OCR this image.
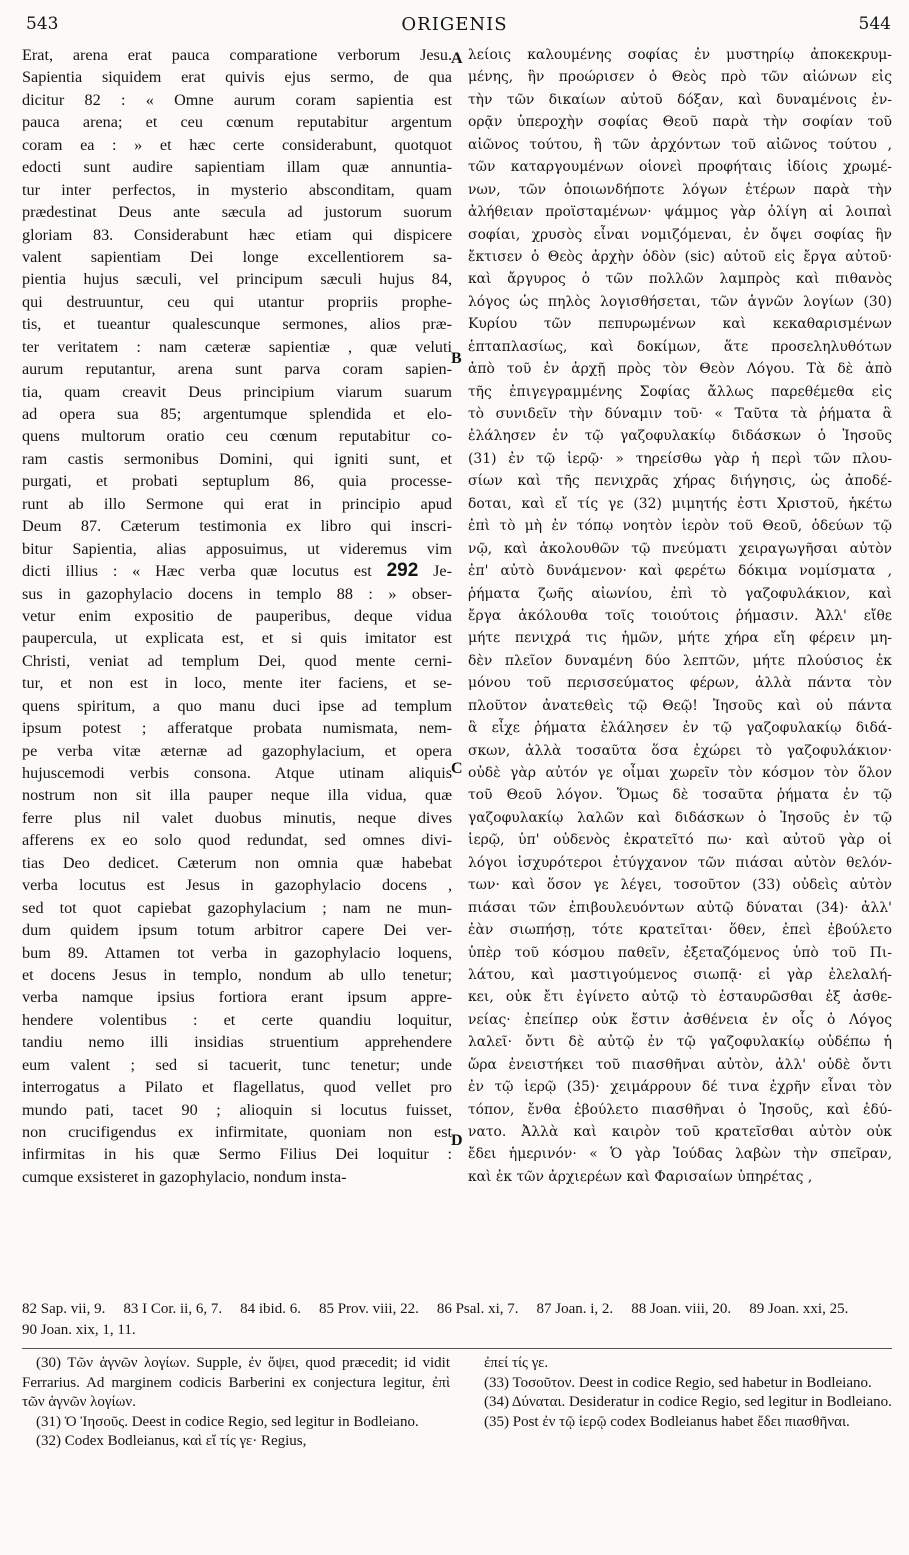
543	ORIGENIS	544
Erat, arena erat pauca comparatione verborum Jesu.
Sapientia siquidem erat quivis ejus sermo, de qua
dicitur 82 : « Omne aurum coram sapientia est
pauca arena; et ceu cœnum reputabitur argentum
coram ea : » et hæc certe considerabunt, quotquot
edocti sunt audire sapientiam illam quæ annuntia-
tur inter perfectos, in mysterio absconditam, quam
prædestinat Deus ante sæcula ad justorum suorum
gloriam 83. Considerabunt hæc etiam qui dispicere
valent sapientiam Dei longe excellentiorem sa-
pientia hujus sæculi, vel principum sæculi hujus 84,
qui destruuntur, ceu qui utantur propriis prophe-
tis, et tueantur qualescunque sermones, alios præ-
ter veritatem : nam cæteræ sapientiæ , quæ veluti
aurum reputantur, arena sunt parva coram sapien-
tia, quam creavit Deus principium viarum suarum
ad opera sua 85; argentumque splendida et elo-
quens multorum oratio ceu cœnum reputabitur co-
ram castis sermonibus Domini, qui igniti sunt, et
purgati, et probati septuplum 86, quia processe-
runt ab illo Sermone qui erat in principio apud
Deum 87. Cæterum testimonia ex libro qui inscri-
bitur Sapientia, alias apposuimus, ut videremus vim
dicti illius : « Hæc verba quæ locutus est 292 Je-
sus in gazophylacio docens in templo 88 : » obser-
vetur enim expositio de pauperibus, deque vidua
paupercula, ut explicata est, et si quis imitator est
Christi, veniat ad templum Dei, quod mente cerni-
tur, et non est in loco, mente iter faciens, et se-
quens spiritum, a quo manu duci ipse ad templum
ipsum potest ; afferatque probata numismata, nem-
pe verba vitæ æternæ ad gazophylacium, et opera
hujuscemodi verbis consona. Atque utinam aliquis
nostrum non sit illa pauper neque illa vidua, quæ
ferre plus nil valet duobus minutis, neque dives
afferens ex eo solo quod redundat, sed omnes divi-
tias Deo dedicet. Cæterum non omnia quæ habebat
verba locutus est Jesus in gazophylacio docens ,
sed tot quot capiebat gazophylacium ; nam ne mun-
dum quidem ipsum totum arbitror capere Dei ver-
bum 89. Attamen tot verba in gazophylacio loquens,
et docens Jesus in templo, nondum ab ullo tenetur;
verba namque ipsius fortiora erant ipsum appre-
hendere volentibus : et certe quandiu loquitur,
tandiu nemo illi insidias struentium apprehendere
eum valent ; sed si tacuerit, tunc tenetur; unde
interrogatus a Pilato et flagellatus, quod vellet pro
mundo pati, tacet 90 ; alioquin si locutus fuisset,
non crucifigendus ex infirmitate, quoniam non est
infirmitas in his quæ Sermo Filius Dei loquitur :
cumque exsisteret in gazophylacio, nondum insta-
λείοις καλουμένης σοφίας ἐν μυστηρίῳ ἀποκεκρυμ-
μένης, ἣν προώρισεν ὁ Θεὸς πρὸ τῶν αἰώνων εἰς
τὴν τῶν δικαίων αὐτοῦ δόξαν, καὶ δυναμένοις ἐν-
ορᾷν ὑπεροχὴν σοφίας Θεοῦ παρὰ τὴν σοφίαν τοῦ
αἰῶνος τούτου, ἢ τῶν ἀρχόντων τοῦ αἰῶνος τούτου ,
τῶν καταργουμένων οἱονεὶ προφήταις ἰδίοις χρωμέ-
νων, τῶν ὁποιωνδήποτε λόγων ἑτέρων παρὰ τὴν
ἀλήθειαν προϊσταμένων· ψάμμος γὰρ ὀλίγη αἱ λοιπαὶ
σοφίαι, χρυσὸς εἶναι νομιζόμεναι, ἐν ὄψει σοφίας ἣν
ἔκτισεν ὁ Θεὸς ἀρχὴν ὁδὸν (sic) αὐτοῦ εἰς ἔργα αὐτοῦ·
καὶ ἄργυρος ὁ τῶν πολλῶν λαμπρὸς καὶ πιθανὸς
λόγος ὡς πηλὸς λογισθήσεται, τῶν ἁγνῶν λογίων (30)
Κυρίου τῶν πεπυρωμένων καὶ κεκαθαρισμένων
ἑπταπλασίως, καὶ δοκίμων, ἅτε προσεληλυθότων
ἀπὸ τοῦ ἐν ἀρχῇ πρὸς τὸν Θεὸν Λόγου. Τὰ δὲ ἀπὸ
τῆς ἐπιγεγραμμένης Σοφίας ἄλλως παρεθέμεθα εἰς
τὸ συνιδεῖν τὴν δύναμιν τοῦ· « Ταῦτα τὰ ῥήματα ἃ
ἐλάλησεν ἐν τῷ γαζοφυλακίῳ διδάσκων ὁ Ἰησοῦς
(31) ἐν τῷ ἱερῷ· » τηρείσθω γὰρ ἡ περὶ τῶν πλου-
σίων καὶ τῆς πενιχρᾶς χήρας διήγησις, ὡς ἀποδέ-
δοται, καὶ εἴ τίς γε (32) μιμητής ἐστι Χριστοῦ, ἡκέτω
ἐπὶ τὸ μὴ ἐν τόπῳ νοητὸν ἱερὸν τοῦ Θεοῦ, ὁδεύων τῷ
νῷ, καὶ ἀκολουθῶν τῷ πνεύματι χειραγωγῆσαι αὐτὸν
ἐπ' αὐτὸ δυνάμενον· καὶ φερέτω δόκιμα νομίσματα ,
ῥήματα ζωῆς αἰωνίου, ἐπὶ τὸ γαζοφυλάκιον, καὶ
ἔργα ἀκόλουθα τοῖς τοιούτοις ῥήμασιν. Ἀλλ' εἴθε
μήτε πενιχρά τις ἡμῶν, μήτε χήρα εἴη φέρειν μη-
δὲν πλεῖον δυναμένη δύο λεπτῶν, μήτε πλούσιος ἐκ
μόνου τοῦ περισσεύματος φέρων, ἀλλὰ πάντα τὸν
πλοῦτον ἀνατεθεὶς τῷ Θεῷ! Ἰησοῦς καὶ οὐ πάντα
ἃ εἶχε ῥήματα ἐλάλησεν ἐν τῷ γαζοφυλακίῳ διδά-
σκων, ἀλλὰ τοσαῦτα ὅσα ἐχώρει τὸ γαζοφυλάκιον·
οὐδὲ γὰρ αὐτόν γε οἶμαι χωρεῖν τὸν κόσμον τὸν ὅλον
τοῦ Θεοῦ λόγον. Ὅμως δὲ τοσαῦτα ῥήματα ἐν τῷ
γαζοφυλακίῳ λαλῶν καὶ διδάσκων ὁ Ἰησοῦς ἐν τῷ
ἱερῷ, ὑπ' οὐδενὸς ἐκρατεῖτό πω· καὶ αὐτοῦ γὰρ οἱ
λόγοι ἰσχυρότεροι ἐτύγχανον τῶν πιάσαι αὐτὸν θελόν-
των· καὶ ὅσον γε λέγει, τοσοῦτον (33) οὐδεὶς αὐτὸν
πιάσαι τῶν ἐπιβουλευόντων αὐτῷ δύναται (34)· ἀλλ'
ἐὰν σιωπήσῃ, τότε κρατεῖται· ὅθεν, ἐπεὶ ἐβούλετο
ὑπὲρ τοῦ κόσμου παθεῖν, ἐξεταζόμενος ὑπὸ τοῦ Πι-
λάτου, καὶ μαστιγούμενος σιωπᾷ· εἰ γὰρ ἐλελαλή-
κει, οὐκ ἔτι ἐγίνετο αὐτῷ τὸ ἐσταυρῶσθαι ἐξ ἀσθε-
νείας· ἐπείπερ οὐκ ἔστιν ἀσθένεια ἐν οἷς ὁ Λόγος
λαλεῖ· ὄντι δὲ αὐτῷ ἐν τῷ γαζοφυλακίῳ οὐδέπω ἡ
ὥρα ἐνειστήκει τοῦ πιασθῆναι αὐτὸν, ἀλλ' οὐδὲ ὄντι
ἐν τῷ ἱερῷ (35)· χειμάρρουν δέ τινα ἐχρῆν εἶναι τὸν
τόπον, ἔνθα ἐβούλετο πιασθῆναι ὁ Ἰησοῦς, καὶ ἐδύ-
νατο. Ἀλλὰ καὶ καιρὸν τοῦ κρατεῖσθαι αὐτὸν οὐκ
ἔδει ἡμερινόν· « Ὁ γὰρ Ἰούδας λαβὼν τὴν σπεῖραν,
καὶ ἐκ τῶν ἀρχιερέων καὶ Φαρισαίων ὑπηρέτας ,
A
B
C
D
82 Sap. vii, 9. 83 I Cor. ii, 6, 7. 84 ibid. 6. 85 Prov. viii, 22. 86 Psal. xi, 7. 87 Joan. i, 2. 88 Joan. viii, 20. 89 Joan. xxi, 25.90 Joan. xix, 1, 11.

(30) Τῶν ἁγνῶν λογίων. Supple, ἐν ὄψει, quod præcedit; id vidit Ferrarius. Ad marginem codicis Barberini ex conjectura legitur, ἐπὶ τῶν ἁγνῶν λογίων.

(31) Ὁ Ἰησοῦς. Deest in codice Regio, sed legitur in Bodleiano.

(32) Codex Bodleianus, καὶ εἴ τίς γε· Regius,

ἐπεί τίς γε.

(33) Τοσοῦτον. Deest in codice Regio, sed habetur in Bodleiano.

(34) Δύναται. Desideratur in codice Regio, sed legitur in Bodleiano.

(35) Post ἐν τῷ ἱερῷ codex Bodleianus habet ἔδει πιασθῆναι.
